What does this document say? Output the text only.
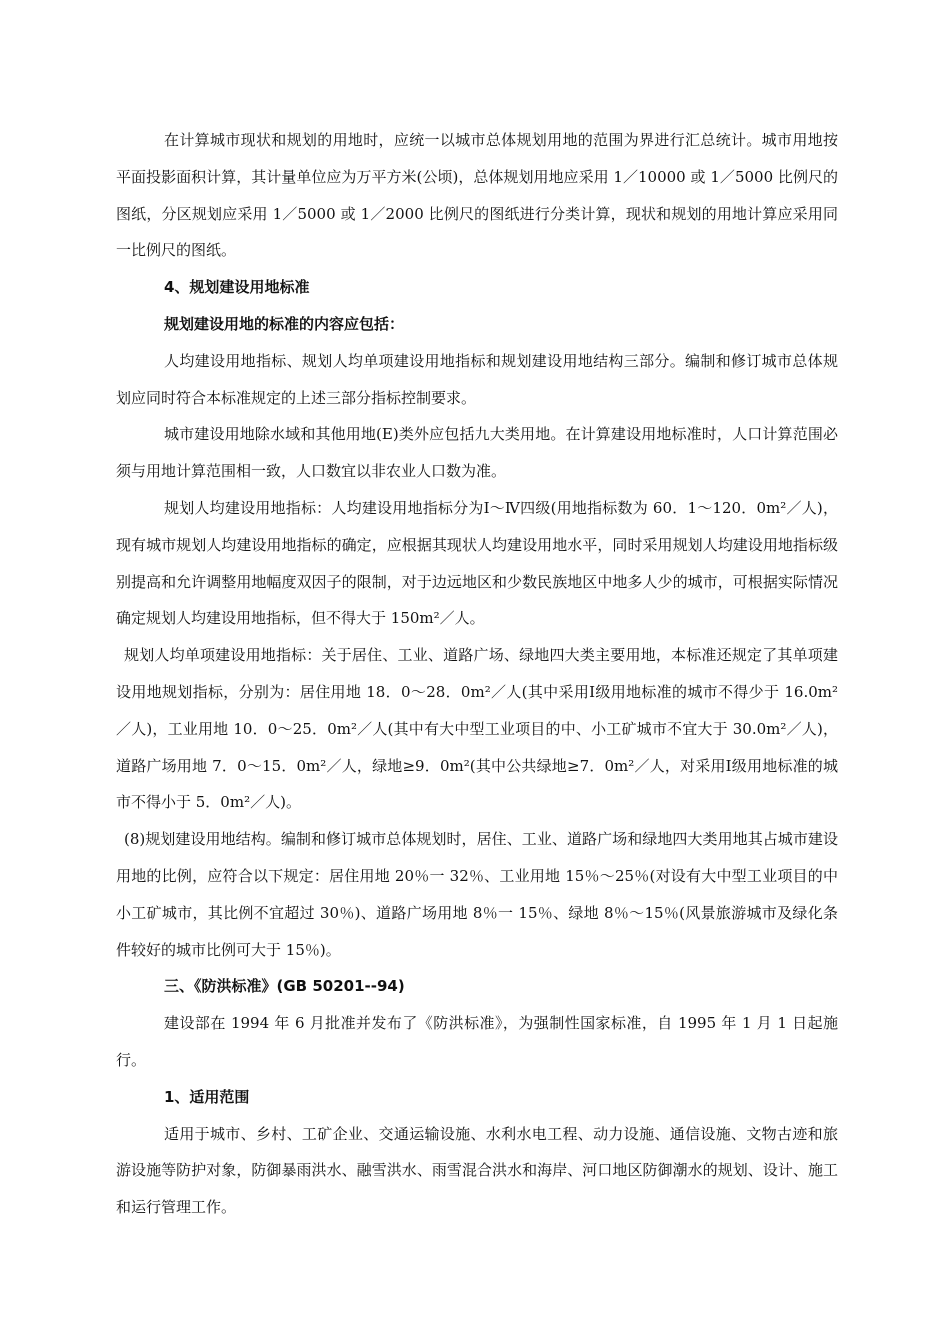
在计算城市现状和规划的用地时，应统一以城市总体规划用地的范围为界进行汇总统计。城市用地按平面投影面积计算，其计量单位应为万平方米(公顷)，总体规划用地应采用 1／10000 或 1／5000 比例尺的图纸，分区规划应采用 1／5000 或 1／2000 比例尺的图纸进行分类计算，现状和规划的用地计算应采用同一比例尺的图纸。

4、规划建设用地标准

规划建设用地的标准的内容应包括：

人均建设用地指标、规划人均单项建设用地指标和规划建设用地结构三部分。编制和修订城市总体规划应同时符合本标准规定的上述三部分指标控制要求。

城市建设用地除水域和其他用地(E)类外应包括九大类用地。在计算建设用地标准时，人口计算范围必须与用地计算范围相一致，人口数宜以非农业人口数为准。

规划人均建设用地指标：人均建设用地指标分为Ⅰ～Ⅳ四级(用地指标数为 60．1～120．0m²／人)，现有城市规划人均建设用地指标的确定，应根据其现状人均建设用地水平，同时采用规划人均建设用地指标级别提高和允许调整用地幅度双因子的限制，对于边远地区和少数民族地区中地多人少的城市，可根据实际情况确定规划人均建设用地指标，但不得大于 150m²／人。

规划人均单项建设用地指标：关于居住、工业、道路广场、绿地四大类主要用地，本标准还规定了其单项建设用地规划指标，分别为：居住用地 18．0～28．0m²／人(其中采用Ⅰ级用地标准的城市不得少于 16.0m²／人)，工业用地 10．0～25．0m²／人(其中有大中型工业项目的中、小工矿城市不宜大于 30.0m²／人)，道路广场用地 7．0～15．0m²／人，绿地≥9．0m²(其中公共绿地≥7．0m²／人，对采用Ⅰ级用地标准的城市不得小于 5．0m²／人)。

(8)规划建设用地结构。编制和修订城市总体规划时，居住、工业、道路广场和绿地四大类用地其占城市建设用地的比例，应符合以下规定：居住用地 20％一 32％、工业用地 15％～25％(对设有大中型工业项目的中小工矿城市，其比例不宜超过 30％)、道路广场用地 8％一 15％、绿地 8％～15％(风景旅游城市及绿化条件较好的城市比例可大于 15％)。

三、《防洪标准》(GB 50201--94)

建设部在 1994 年 6 月批准并发布了《防洪标准》，为强制性国家标准，自 1995 年 1 月 1 日起施行。

1、适用范围

适用于城市、乡村、工矿企业、交通运输设施、水利水电工程、动力设施、通信设施、文物古迹和旅游设施等防护对象，防御暴雨洪水、融雪洪水、雨雪混合洪水和海岸、河口地区防御潮水的规划、设计、施工和运行管理工作。
